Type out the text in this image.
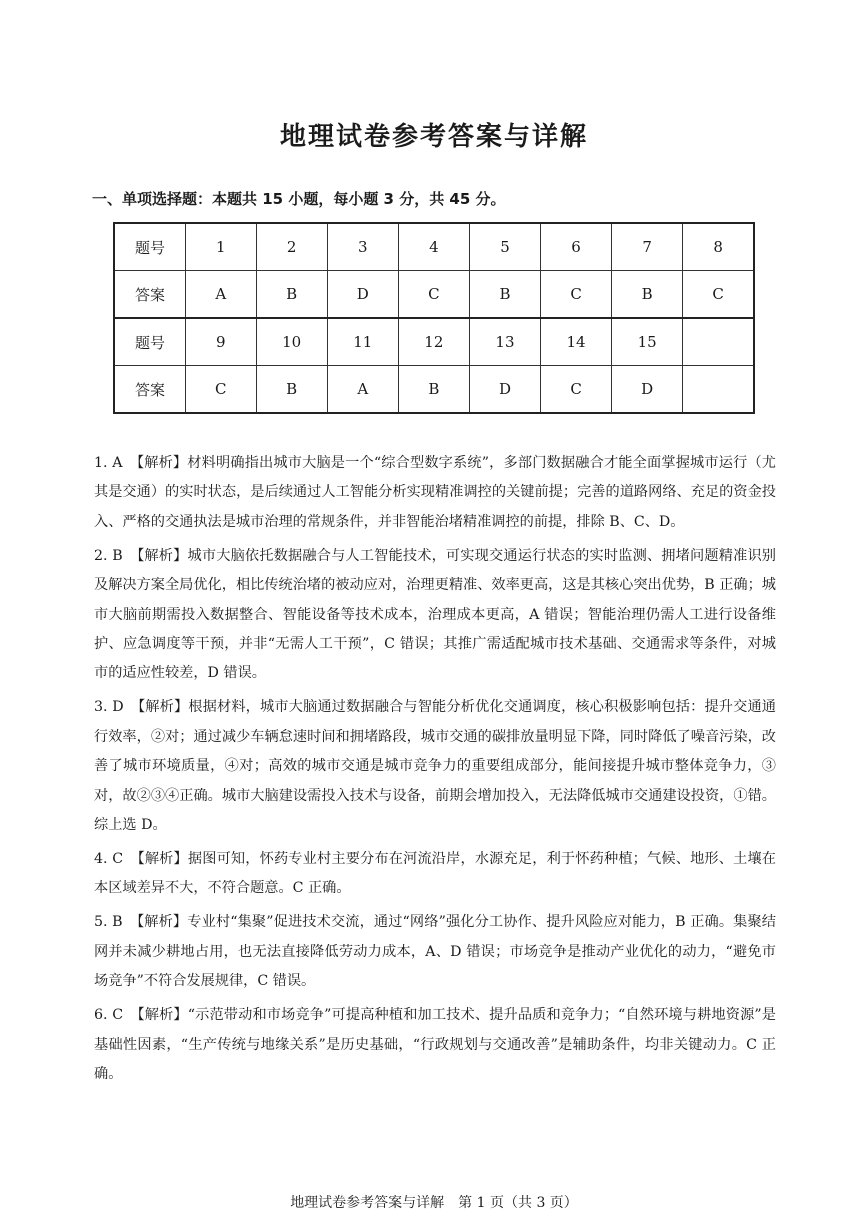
地理试卷参考答案与详解
一、单项选择题：本题共 15 小题，每小题 3 分，共 45 分。
题号	1	2	3	4	5	6	7	8
答案	A	B	D	C	B	C	B	C
题号	9	10	11	12	13	14	15	
答案	C	B	A	B	D	C	D	

1. A　【解析】材料明确指出城市大脑是一个“综合型数字系统”，多部门数据融合才能全面掌握城市运行（尤其是交通）的实时状态，是后续通过人工智能分析实现精准调控的关键前提；完善的道路网络、充足的资金投入、严格的交通执法是城市治理的常规条件，并非智能治堵精准调控的前提，排除 B、C、D。

2. B　【解析】城市大脑依托数据融合与人工智能技术，可实现交通运行状态的实时监测、拥堵问题精准识别及解决方案全局优化，相比传统治堵的被动应对，治理更精准、效率更高，这是其核心突出优势，B 正确；城市大脑前期需投入数据整合、智能设备等技术成本，治理成本更高，A 错误；智能治理仍需人工进行设备维护、应急调度等干预，并非“无需人工干预”，C 错误；其推广需适配城市技术基础、交通需求等条件，对城市的适应性较差，D 错误。

3. D　【解析】根据材料，城市大脑通过数据融合与智能分析优化交通调度，核心积极影响包括：提升交通通行效率，②对；通过减少车辆怠速时间和拥堵路段，城市交通的碳排放量明显下降，同时降低了噪音污染，改善了城市环境质量，④对；高效的城市交通是城市竞争力的重要组成部分，能间接提升城市整体竞争力，③对，故②③④正确。城市大脑建设需投入技术与设备，前期会增加投入，无法降低城市交通建设投资，①错。综上选 D。

4. C　【解析】据图可知，怀药专业村主要分布在河流沿岸，水源充足，利于怀药种植；气候、地形、土壤在本区域差异不大，不符合题意。C 正确。

5. B　【解析】专业村“集聚”促进技术交流，通过“网络”强化分工协作、提升风险应对能力，B 正确。集聚结网并未减少耕地占用，也无法直接降低劳动力成本，A、D 错误；市场竞争是推动产业优化的动力，“避免市场竞争”不符合发展规律，C 错误。

6. C　【解析】“示范带动和市场竞争”可提高种植和加工技术、提升品质和竞争力；“自然环境与耕地资源”是基础性因素，“生产传统与地缘关系”是历史基础，“行政规划与交通改善”是辅助条件，均非关键动力。C 正确。

地理试卷参考答案与详解　第 1 页（共 3 页）
